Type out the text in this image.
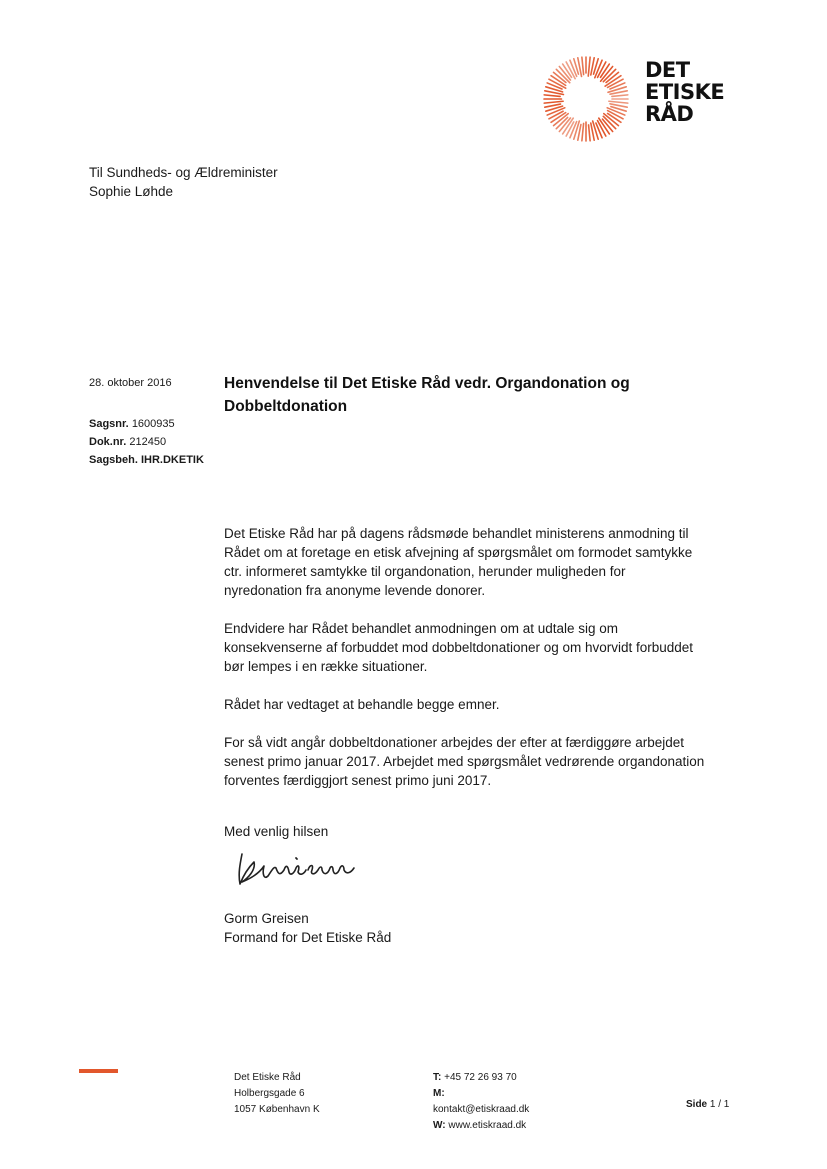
DET
ETISKE
RÅD
Til Sundheds- og Ældreminister
Sophie Løhde
28. oktober 2016
Sagsnr. 1600935
Dok.nr. 212450
Sagsbeh. IHR.DKETIK
Henvendelse til Det Etiske Råd vedr. Organdonation og
Dobbeltdonation

Det Etiske Råd har på dagens rådsmøde behandlet ministerens anmodning til
Rådet om at foretage en etisk afvejning af spørgsmålet om formodet samtykke
ctr. informeret samtykke til organdonation, herunder muligheden for
nyredonation fra anonyme levende donorer.

Endvidere har Rådet behandlet anmodningen om at udtale sig om
konsekvenserne af forbuddet mod dobbeltdonationer og om hvorvidt forbuddet
bør lempes i en række situationer.

Rådet har vedtaget at behandle begge emner.

For så vidt angår dobbeltdonationer arbejdes der efter at færdiggøre arbejdet
senest primo januar 2017. Arbejdet med spørgsmålet vedrørende organdonation
forventes færdiggjort senest primo juni 2017.

Med venlig hilsen
Gorm Greisen
Formand for Det Etiske Råd
Det Etiske Råd
Holbergsgade 6
1057 København K
T: +45 72 26 93 70
M:
kontakt@etiskraad.dk
W: www.etiskraad.dk
Side 1 / 1
